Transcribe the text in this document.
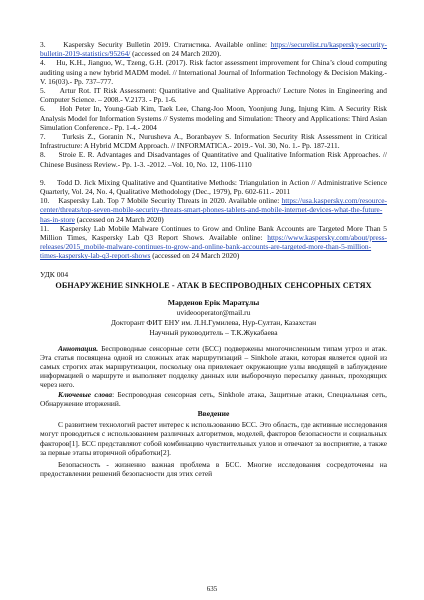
3.     Kaspersky Security Bulletin 2019. Статистика. Available online: https://securelist.ru/kaspersky-security-bulletin-2019-statistics/95264/ (accessed on 24 March 2020).

4.     Hu, K.H., Jianguo, W., Tzeng, G.H. (2017). Risk factor assessment improvement for China’s cloud computing auditing using a new hybrid MADM model. // International Journal of Information Technology & Decision Making.- V. 16(03).- Pp. 737–777.

5.     Artur Rot. IT Risk Assessment: Quantitative and Qualitative Approach// Lecture Notes in Engineering and Computer Science. – 2008.- V.2173. - Pp. 1-6.

6.     Hoh Peter In, Young-Gab Kim, Taek Lee, Chang-Joo Moon, Yoonjung Jung, Injung Kim. A Security Risk Analysis Model for Information Systems // Systems modeling and Simulation: Theory and Applications: Third Asian Simulation Conference.- Pp. 1-4.- 2004

7.     Turksis Z., Goranin N., Nurusheva A., Boranbayev S. Information Security Risk Assessment in Critical Infrastructure: A Hybrid MCDM Approach. // INFORMATICA.- 2019.- Vol. 30, No. 1.- Pp. 187-211.

8.     Stroie E. R. Advantages and Disadvantages of Quantitative and Qualitative Information Risk Approaches. // Chinese Business Review.- Pp. 1-3. -2012. –Vol. 10, No. 12, 1106-1110

9.     Todd D. Jick Mixing Qualitative and Quantitative Methods: Triangulation in Action // Administrative Science Quarterly, Vol. 24, No. 4, Qualitative Methodology (Dec., 1979), Pp. 602-611.- 2011

10.    Kaspersky Lab. Top 7 Mobile Security Threats in 2020. Available online: https://usa.kaspersky.com/resource-center/threats/top-seven-mobile-security-threats-smart-phones-tablets-and-mobile-internet-devices-what-the-future-has-in-store (accessed on 24 March 2020)

11.    Kaspersky Lab Mobile Malware Continues to Grow and Online Bank Accounts are Targeted More Than 5 Million Times, Kaspersky Lab Q3 Report Shows. Available online: https://www.kaspersky.com/about/press-releases/2015_mobile-malware-continues-to-grow-and-online-bank-accounts-are-targeted-more-than-5-million-times-kaspersky-lab-q3-report-shows (accessed on 24 March 2020)

УДК 004
ОБНАРУЖЕНИЕ SINKHOLE - АТАК В БЕСПРОВОДНЫХ СЕНСОРНЫХ СЕТЯХ
Марденов Ерiк Маратұлы

uvideooperator@mail.ru

Докторант ФИТ ЕНУ им. Л.Н.Гумилева, Нур-Султан, Казахстан

Научный руководитель – Т.К.Жукабаева

Аннотация. Беспроводные сенсорные сети (БСС) подвержены многочисленным типам угроз и атак. Эта статья посвящена одной из сложных атак маршрутизаций – Sinkhole атаки, которая является одной из самых строгих атак маршрутизации, поскольку она привлекает окружающие узлы вводящей в заблуждение информацией о маршруте и выполняет подделку данных или выборочную пересылку данных, проходящих через него.

Ключевые слова: Беспроводная сенсорная сеть, Sinkhole атака, Защитные атаки, Специальная сеть, Обнаружение вторжений.

Введение

С развитием технологий растет интерес к использованию БСС. Это область, где активные исследования могут проводиться с использованием различных алгоритмов, моделей, факторов безопасности и социальных факторов[1]. БСС представляют собой комбинацию чувствительных узлов и отвечают за восприятие, а также за первые этапы вторичной обработки[2].

Безопасность - жизненно важная проблема в БСС. Многие исследования сосредоточены на предоставлении решений безопасности для этих сетей

635
